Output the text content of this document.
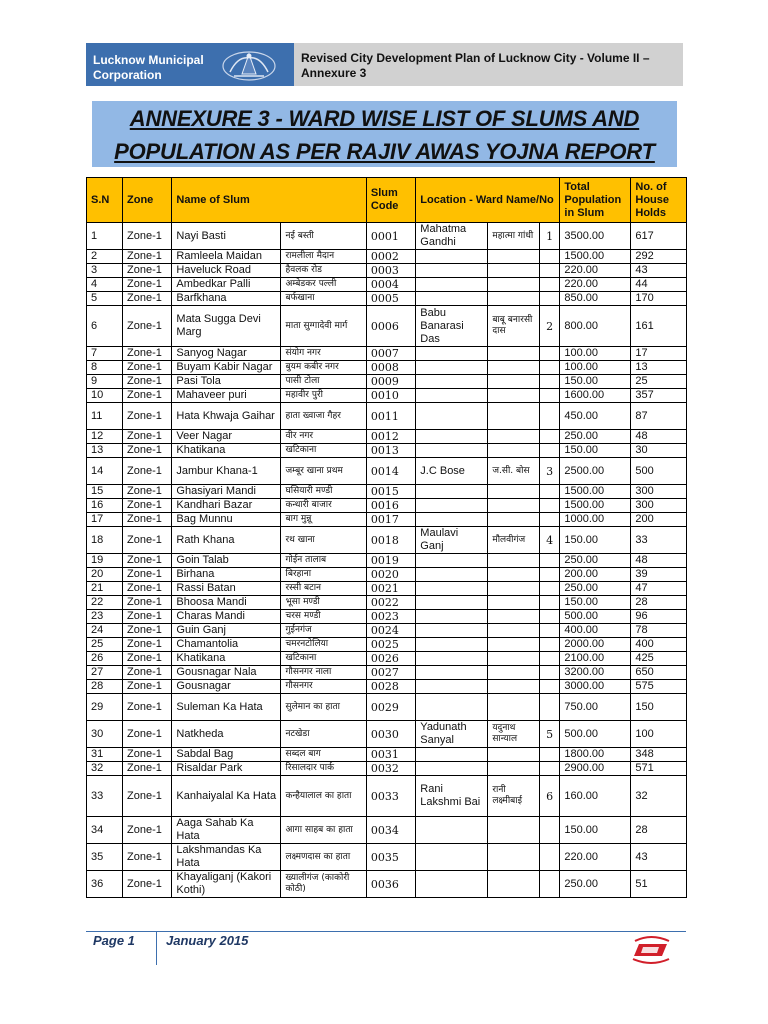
Lucknow Municipal Corporation
Revised City Development Plan of Lucknow City - Volume II – Annexure 3
ANNEXURE 3 - WARD WISE LIST OF SLUMS AND
POPULATION AS PER RAJIV AWAS YOJNA REPORT
S.N	Zone	Name of Slum		Slum Code	Location - Ward Name/No			Total Population in Slum	No. of House Holds
1	Zone-1	Nayi Basti	नई बस्ती	0001	Mahatma Gandhi	महात्मा गांधी	1	3500.00	617
2	Zone-1	Ramleela Maidan	रामलीला मैदान	0002				1500.00	292
3	Zone-1	Haveluck Road	हैवलक रोड	0003				220.00	43
4	Zone-1	Ambedkar Palli	अम्बेडकर पल्ली	0004				220.00	44
5	Zone-1	Barfkhana	बर्फखाना	0005				850.00	170
6	Zone-1	Mata Sugga Devi Marg	माता सुग्गादेवी मार्ग	0006	Babu Banarasi Das	बाबू बनारसी दास	2	800.00	161
7	Zone-1	Sanyog Nagar	संयोग नगर	0007				100.00	17
8	Zone-1	Buyam Kabir Nagar	बुयम कबीर नगर	0008				100.00	13
9	Zone-1	Pasi Tola	पासी टोला	0009				150.00	25
10	Zone-1	Mahaveer puri	महावीर पुरी	0010				1600.00	357
11	Zone-1	Hata Khwaja Gaihar	हाता ख्वाजा गैहर	0011				450.00	87
12	Zone-1	Veer Nagar	वीर नगर	0012				250.00	48
13	Zone-1	Khatikana	खटिकाना	0013				150.00	30
14	Zone-1	Jambur Khana-1	जम्बूर खाना प्रथम	0014	J.C Bose	ज.सी. बोस	3	2500.00	500
15	Zone-1	Ghasiyari Mandi	घसियारी मण्डी	0015				1500.00	300
16	Zone-1	Kandhari Bazar	कन्धारी बाजार	0016				1500.00	300
17	Zone-1	Bag Munnu	बाग मुन्नू	0017				1000.00	200
18	Zone-1	Rath Khana	रथ खाना	0018	Maulavi Ganj	मौलवीगंज	4	150.00	33
19	Zone-1	Goin Talab	गोईन तालाब	0019				250.00	48
20	Zone-1	Birhana	बिरहाना	0020				200.00	39
21	Zone-1	Rassi Batan	रस्सी बटान	0021				250.00	47
22	Zone-1	Bhoosa Mandi	भूसा मण्डी	0022				150.00	28
23	Zone-1	Charas Mandi	चरस मण्डी	0023				500.00	96
24	Zone-1	Guin Ganj	गुईनगंज	0024				400.00	78
25	Zone-1	Chamantolia	चमरनटोलिया	0025				2000.00	400
26	Zone-1	Khatikana	खटिकाना	0026				2100.00	425
27	Zone-1	Gousnagar Nala	गौसनगर नाला	0027				3200.00	650
28	Zone-1	Gousnagar	गौसनगर	0028				3000.00	575
29	Zone-1	Suleman Ka Hata	सुलेमान का हाता	0029				750.00	150
30	Zone-1	Natkheda	नटखेडा	0030	Yadunath Sanyal	यदुनाथ सान्याल	5	500.00	100
31	Zone-1	Sabdal Bag	सब्दल बाग	0031				1800.00	348
32	Zone-1	Risaldar Park	रिसालदार पार्क	0032				2900.00	571
33	Zone-1	Kanhaiyalal Ka Hata	कन्हैयालाल का हाता	0033	Rani Lakshmi Bai	रानी लक्ष्मीबाई	6	160.00	32
34	Zone-1	Aaga Sahab Ka Hata	आगा साहब का हाता	0034				150.00	28
35	Zone-1	Lakshmandas Ka Hata	लक्ष्मणदास का हाता	0035				220.00	43
36	Zone-1	Khayaliganj (Kakori Kothi)	ख्यालीगंज (काकोरी कोठी)	0036				250.00	51
Page 1 January 2015
